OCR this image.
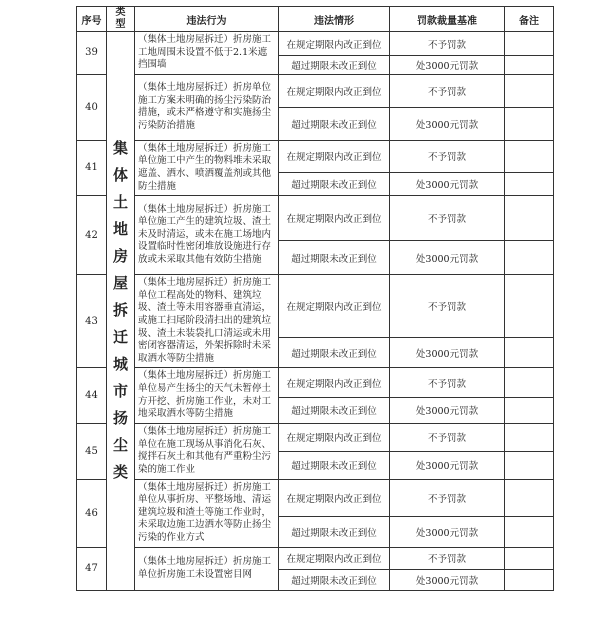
序号	类型	违法行为	违法情形	罚款裁量基准	备注
39	集体土地房屋拆迁城市扬尘类	（集体土地房屋拆迁）折房施工工地周围未设置不低于2.1米遮挡围墙	在规定期限内改正到位	不予罚款	
			超过期限未改正到位	处3000元罚款	
40		（集体土地房屋拆迁）折房单位施工方案未明确的扬尘污染防治措施，或未严格遵守和实施扬尘污染防治措施	在规定期限内改正到位	不予罚款	
			超过期限未改正到位	处3000元罚款	
41		（集体土地房屋拆迁）折房施工单位施工中产生的物料堆未采取遮盖、洒水、喷洒覆盖剂或其他防尘措施	在规定期限内改正到位	不予罚款	
			超过期限未改正到位	处3000元罚款	
42		（集体土地房屋拆迁）折房施工单位施工产生的建筑垃圾、渣土未及时清运，或未在施工场地内设置临时性密闭堆放设施进行存放或未采取其他有效防尘措施	在规定期限内改正到位	不予罚款	
			超过期限未改正到位	处3000元罚款	
43		（集体土地房屋拆迁）折房施工单位工程高处的物料、建筑垃圾、渣土等未用容器垂直清运，或施工扫尾阶段清扫出的建筑垃圾、渣土未装袋扎口清运或未用密闭容器清运，外架拆除时未采取洒水等防尘措施	在规定期限内改正到位	不予罚款	
			超过期限未改正到位	处3000元罚款	
44		（集体土地房屋拆迁）折房施工单位易产生扬尘的天气未暂停土方开挖、折房施工作业，未对工地采取洒水等防尘措施	在规定期限内改正到位	不予罚款	
			超过期限未改正到位	处3000元罚款	
45		（集体土地房屋拆迁）折房施工单位在施工现场从事消化石灰、搅拌石灰土和其他有严重粉尘污染的施工作业	在规定期限内改正到位	不予罚款	
			超过期限未改正到位	处3000元罚款	
46		（集体土地房屋拆迁）折房施工单位从事折房、平整场地、清运建筑垃圾和渣土等施工作业时，未采取边施工边洒水等防止扬尘污染的作业方式	在规定期限内改正到位	不予罚款	
			超过期限未改正到位	处3000元罚款	
47		（集体土地房屋拆迁）折房施工单位折房施工未设置密目网	在规定期限内改正到位	不予罚款	
			超过期限未改正到位	处3000元罚款	
